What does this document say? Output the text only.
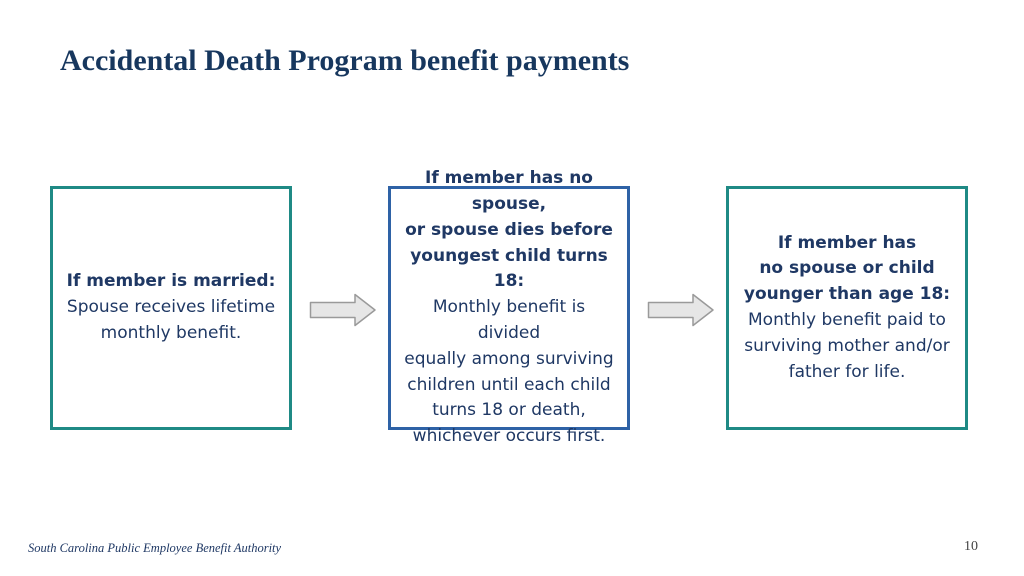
Accidental Death Program benefit payments
If member is married:
Spouse receives lifetime
monthly benefit.
If member has no spouse,
or spouse dies before
youngest child turns 18:
Monthly benefit is divided
equally among surviving
children until each child
turns 18 or death,
whichever occurs first.
If member has
no spouse or child
younger than age 18:
Monthly benefit paid to
surviving mother and/or
father for life.
South Carolina Public Employee Benefit Authority	10
